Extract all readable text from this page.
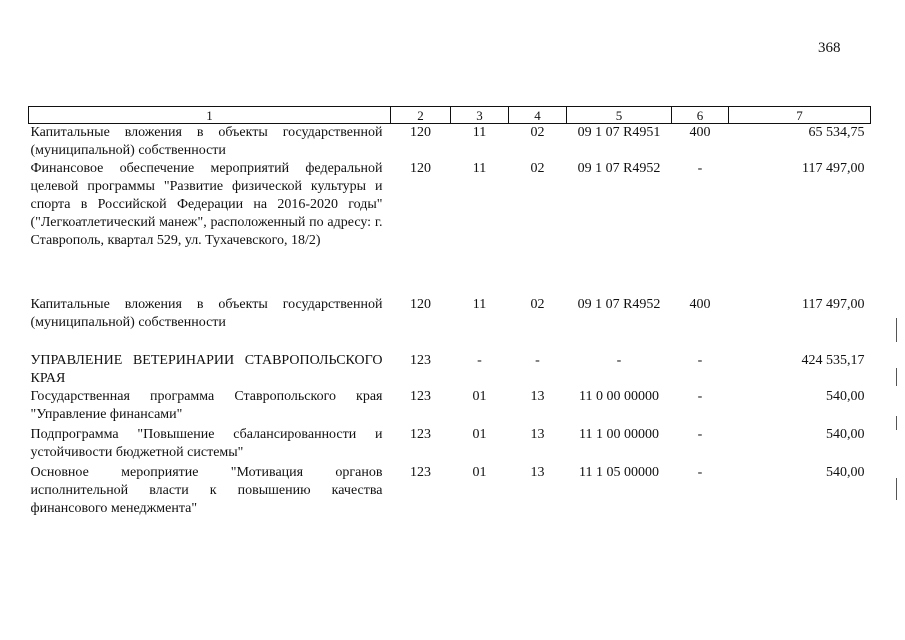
368
1	2	3	4	5	6	7
Капитальные вложения в объекты государственной (муниципальной) собственности	120	11	02	09 1 07 R4951	400	65 534,75
Финансовое обеспечение мероприятий федеральной целевой программы "Развитие физической культуры и спорта в Российской Федерации на 2016-2020 годы" ("Легкоатлетический манеж", расположенный по адресу: г. Ставрополь, квартал 529, ул. Тухачевского, 18/2)	120	11	02	09 1 07 R4952	-	117 497,00
Капитальные вложения в объекты государственной (муниципальной) собственности	120	11	02	09 1 07 R4952	400	117 497,00
УПРАВЛЕНИЕ ВЕТЕРИНАРИИ СТАВРОПОЛЬСКОГО КРАЯ	123	-	-	-	-	424 535,17
Государственная программа Ставропольского края "Управление финансами"	123	01	13	11 0 00 00000	-	540,00
Подпрограмма "Повышение сбалансированности и устойчивости бюджетной системы"	123	01	13	11 1 00 00000	-	540,00
Основное мероприятие "Мотивация органов исполнительной власти к повышению качества финансового менеджмента"	123	01	13	11 1 05 00000	-	540,00
